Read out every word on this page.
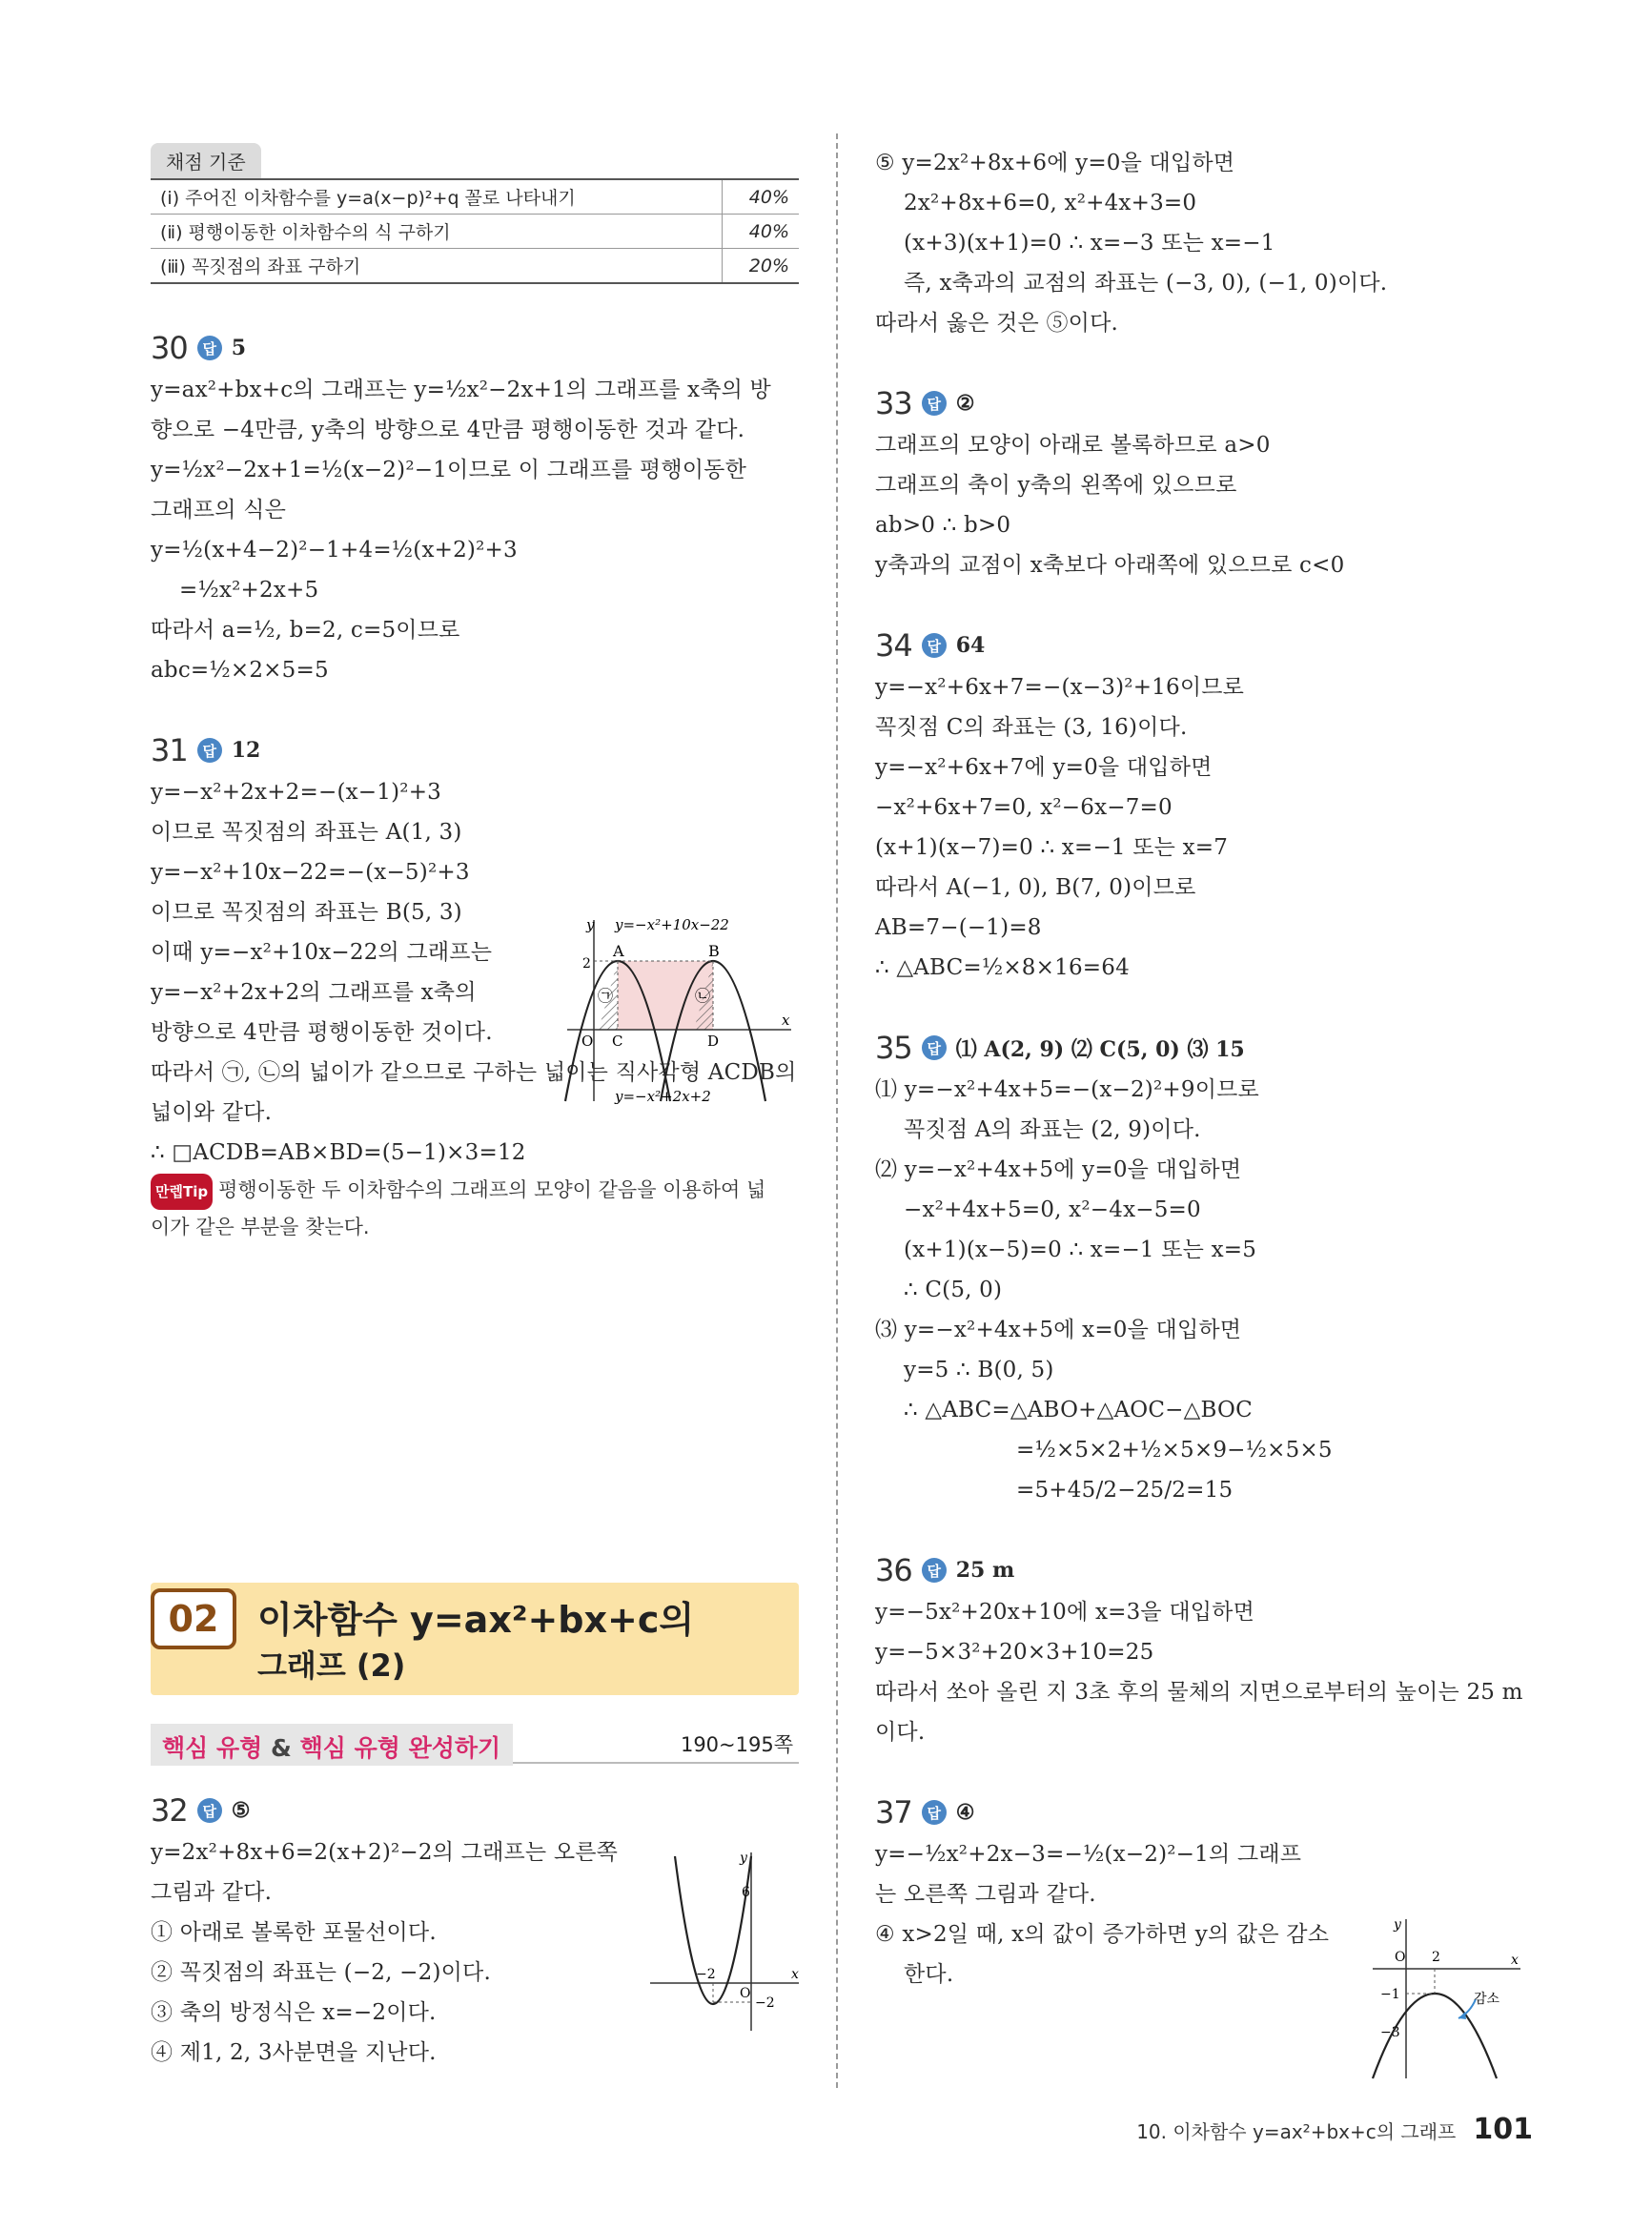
채점 기준
(ⅰ) 주어진 이차함수를 y=a(x−p)²+q 꼴로 나타내기	40%
(ⅱ) 평행이동한 이차함수의 식 구하기	40%
(ⅲ) 꼭짓점의 좌표 구하기	20%
30	답 5
y=ax²+bx+c의 그래프는 y=½x²−2x+1의 그래프를 x축의 방
향으로 −4만큼, y축의 방향으로 4만큼 평행이동한 것과 같다.
y=½x²−2x+1=½(x−2)²−1이므로 이 그래프를 평행이동한
그래프의 식은
y=½(x+4−2)²−1+4=½(x+2)²+3
=½x²+2x+5
따라서 a=½, b=2, c=5이므로
abc=½×2×5=5
31	답 12
y=−x²+2x+2=−(x−1)²+3
이므로 꼭짓점의 좌표는 A(1, 3)
y=−x²+10x−22=−(x−5)²+3
이므로 꼭짓점의 좌표는 B(5, 3)
이때 y=−x²+10x−22의 그래프는
y=−x²+2x+2의 그래프를 x축의
방향으로 4만큼 평행이동한 것이다.
따라서 ㉠, ㉡의 넓이가 같으므로 구하는 넓이는 직사각형 ACDB의
넓이와 같다.
∴ □ACDB=AB×BD=(5−1)×3=12
만렙Tip 평행이동한 두 이차함수의 그래프의 모양이 같음을 이용하여 넓
이가 같은 부분을 찾는다.
y y=−x²+10x−22
A	B
2
㉠	㉡
O C	D
x
y=−x²+2x+2
02	이차함수 y=ax²+bx+c의
그래프 (2)
핵심 유형 & 핵심 유형 완성하기	190~195쪽
32	답 ⑤
y=2x²+8x+6=2(x+2)²−2의 그래프는 오른쪽
그림과 같다.
① 아래로 볼록한 포물선이다.
② 꼭짓점의 좌표는 (−2, −2)이다.
③ 축의 방정식은 x=−2이다.
④ 제1, 2, 3사분면을 지난다.
y
x
6
−2
O
−2
⑤ y=2x²+8x+6에 y=0을 대입하면
2x²+8x+6=0, x²+4x+3=0
(x+3)(x+1)=0 ∴ x=−3 또는 x=−1
즉, x축과의 교점의 좌표는 (−3, 0), (−1, 0)이다.
따라서 옳은 것은 ⑤이다.
33	답 ②
그래프의 모양이 아래로 볼록하므로 a>0
그래프의 축이 y축의 왼쪽에 있으므로
ab>0 ∴ b>0
y축과의 교점이 x축보다 아래쪽에 있으므로 c<0
34	답 64
y=−x²+6x+7=−(x−3)²+16이므로
꼭짓점 C의 좌표는 (3, 16)이다.
y=−x²+6x+7에 y=0을 대입하면
−x²+6x+7=0, x²−6x−7=0
(x+1)(x−7)=0 ∴ x=−1 또는 x=7
따라서 A(−1, 0), B(7, 0)이므로
AB=7−(−1)=8
∴ △ABC=½×8×16=64
35	답 ⑴ A(2, 9) ⑵ C(5, 0) ⑶ 15
⑴ y=−x²+4x+5=−(x−2)²+9이므로
꼭짓점 A의 좌표는 (2, 9)이다.
⑵ y=−x²+4x+5에 y=0을 대입하면
−x²+4x+5=0, x²−4x−5=0
(x+1)(x−5)=0 ∴ x=−1 또는 x=5
∴ C(5, 0)
⑶ y=−x²+4x+5에 x=0을 대입하면
y=5 ∴ B(0, 5)
∴ △ABC=△ABO+△AOC−△BOC
=½×5×2+½×5×9−½×5×5
=5+45/2−25/2=15
36	답 25 m
y=−5x²+20x+10에 x=3을 대입하면
y=−5×3²+20×3+10=25
따라서 쏘아 올린 지 3초 후의 물체의 지면으로부터의 높이는 25 m
이다.
37	답 ④
y=−½x²+2x−3=−½(x−2)²−1의 그래프
는 오른쪽 그림과 같다.
④ x>2일 때, x의 값이 증가하면 y의 값은 감소
한다.
y
O 2	x
−1
−3
감소
10. 이차함수 y=ax²+bx+c의 그래프 101
